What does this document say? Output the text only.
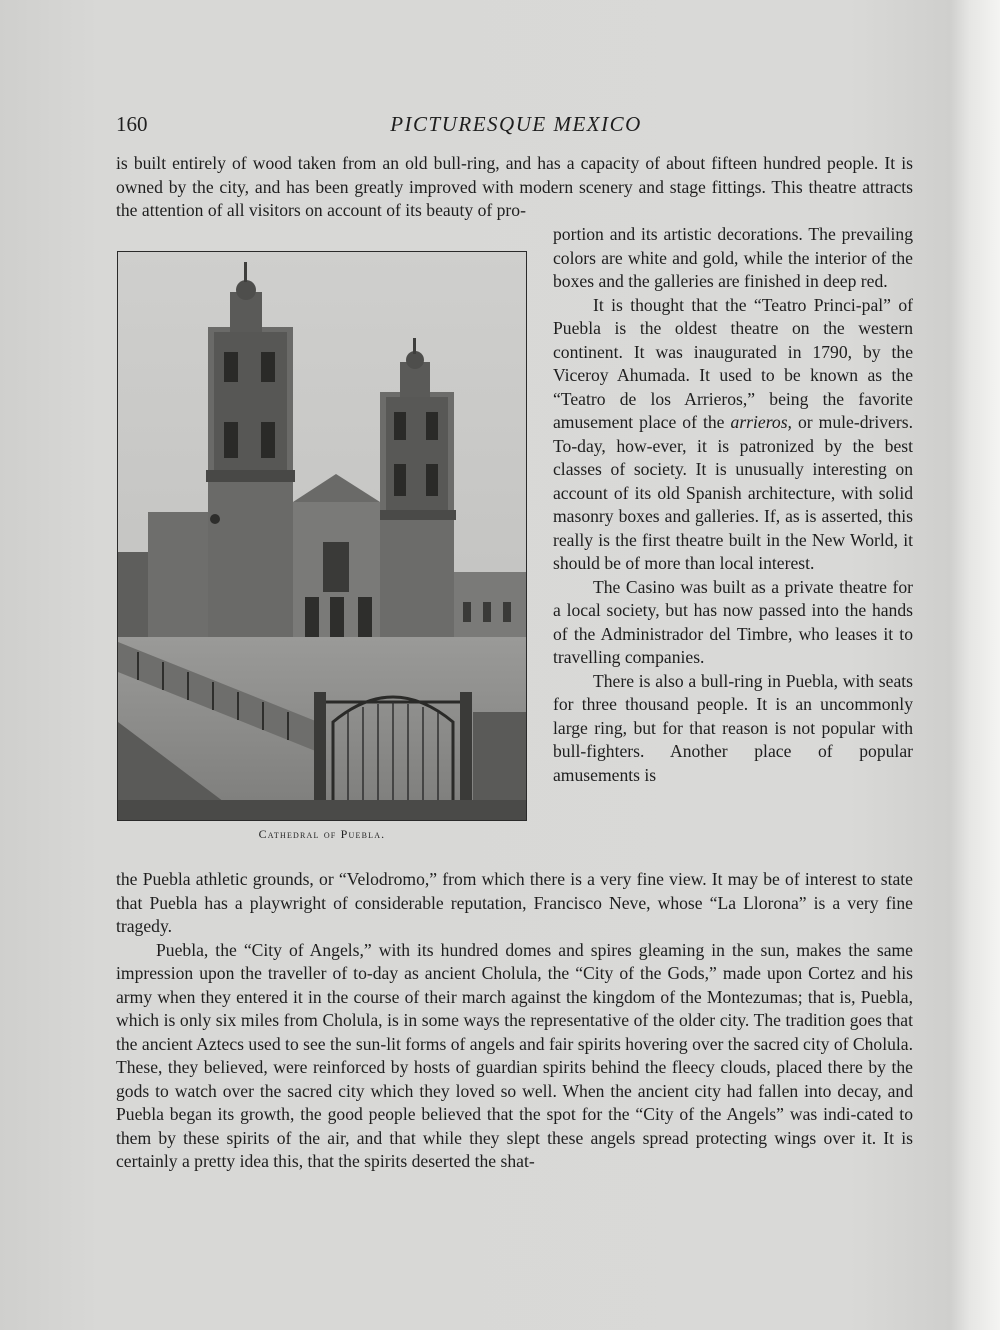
160	PICTURESQUE MEXICO

is built entirely of wood taken from an old bull-ring, and has a capacity of about fifteen hundred people. It is owned by the city, and has been greatly improved with modern scenery and stage fittings. This theatre attracts the attention of all visitors on account of its beauty of pro-

Cathedral of Puebla.

portion and its artistic decorations. The prevailing colors are white and gold, while the interior of the boxes and the galleries are finished in deep red.

It is thought that the “Teatro Princi-pal” of Puebla is the oldest theatre on the western continent. It was inaugurated in 1790, by the Viceroy Ahumada. It used to be known as the “Teatro de los Arrieros,” being the favorite amusement place of the arrieros, or mule-drivers. To-day, how-ever, it is patronized by the best classes of society. It is unusually interesting on account of its old Spanish architecture, with solid masonry boxes and galleries. If, as is asserted, this really is the first theatre built in the New World, it should be of more than local interest.

The Casino was built as a private theatre for a local society, but has now passed into the hands of the Administrador del Timbre, who leases it to travelling companies.

There is also a bull-ring in Puebla, with seats for three thousand people. It is an uncommonly large ring, but for that reason is not popular with bull-fighters. Another place of popular amusements is

the Puebla athletic grounds, or “Velodromo,” from which there is a very fine view. It may be of interest to state that Puebla has a playwright of considerable reputation, Francisco Neve, whose “La Llorona” is a very fine tragedy.

Puebla, the “City of Angels,” with its hundred domes and spires gleaming in the sun, makes the same impression upon the traveller of to-day as ancient Cholula, the “City of the Gods,” made upon Cortez and his army when they entered it in the course of their march against the kingdom of the Montezumas; that is, Puebla, which is only six miles from Cholula, is in some ways the representative of the older city. The tradition goes that the ancient Aztecs used to see the sun-lit forms of angels and fair spirits hovering over the sacred city of Cholula. These, they believed, were reinforced by hosts of guardian spirits behind the fleecy clouds, placed there by the gods to watch over the sacred city which they loved so well. When the ancient city had fallen into decay, and Puebla began its growth, the good people believed that the spot for the “City of the Angels” was indi-cated to them by these spirits of the air, and that while they slept these angels spread protecting wings over it. It is certainly a pretty idea this, that the spirits deserted the shat-
